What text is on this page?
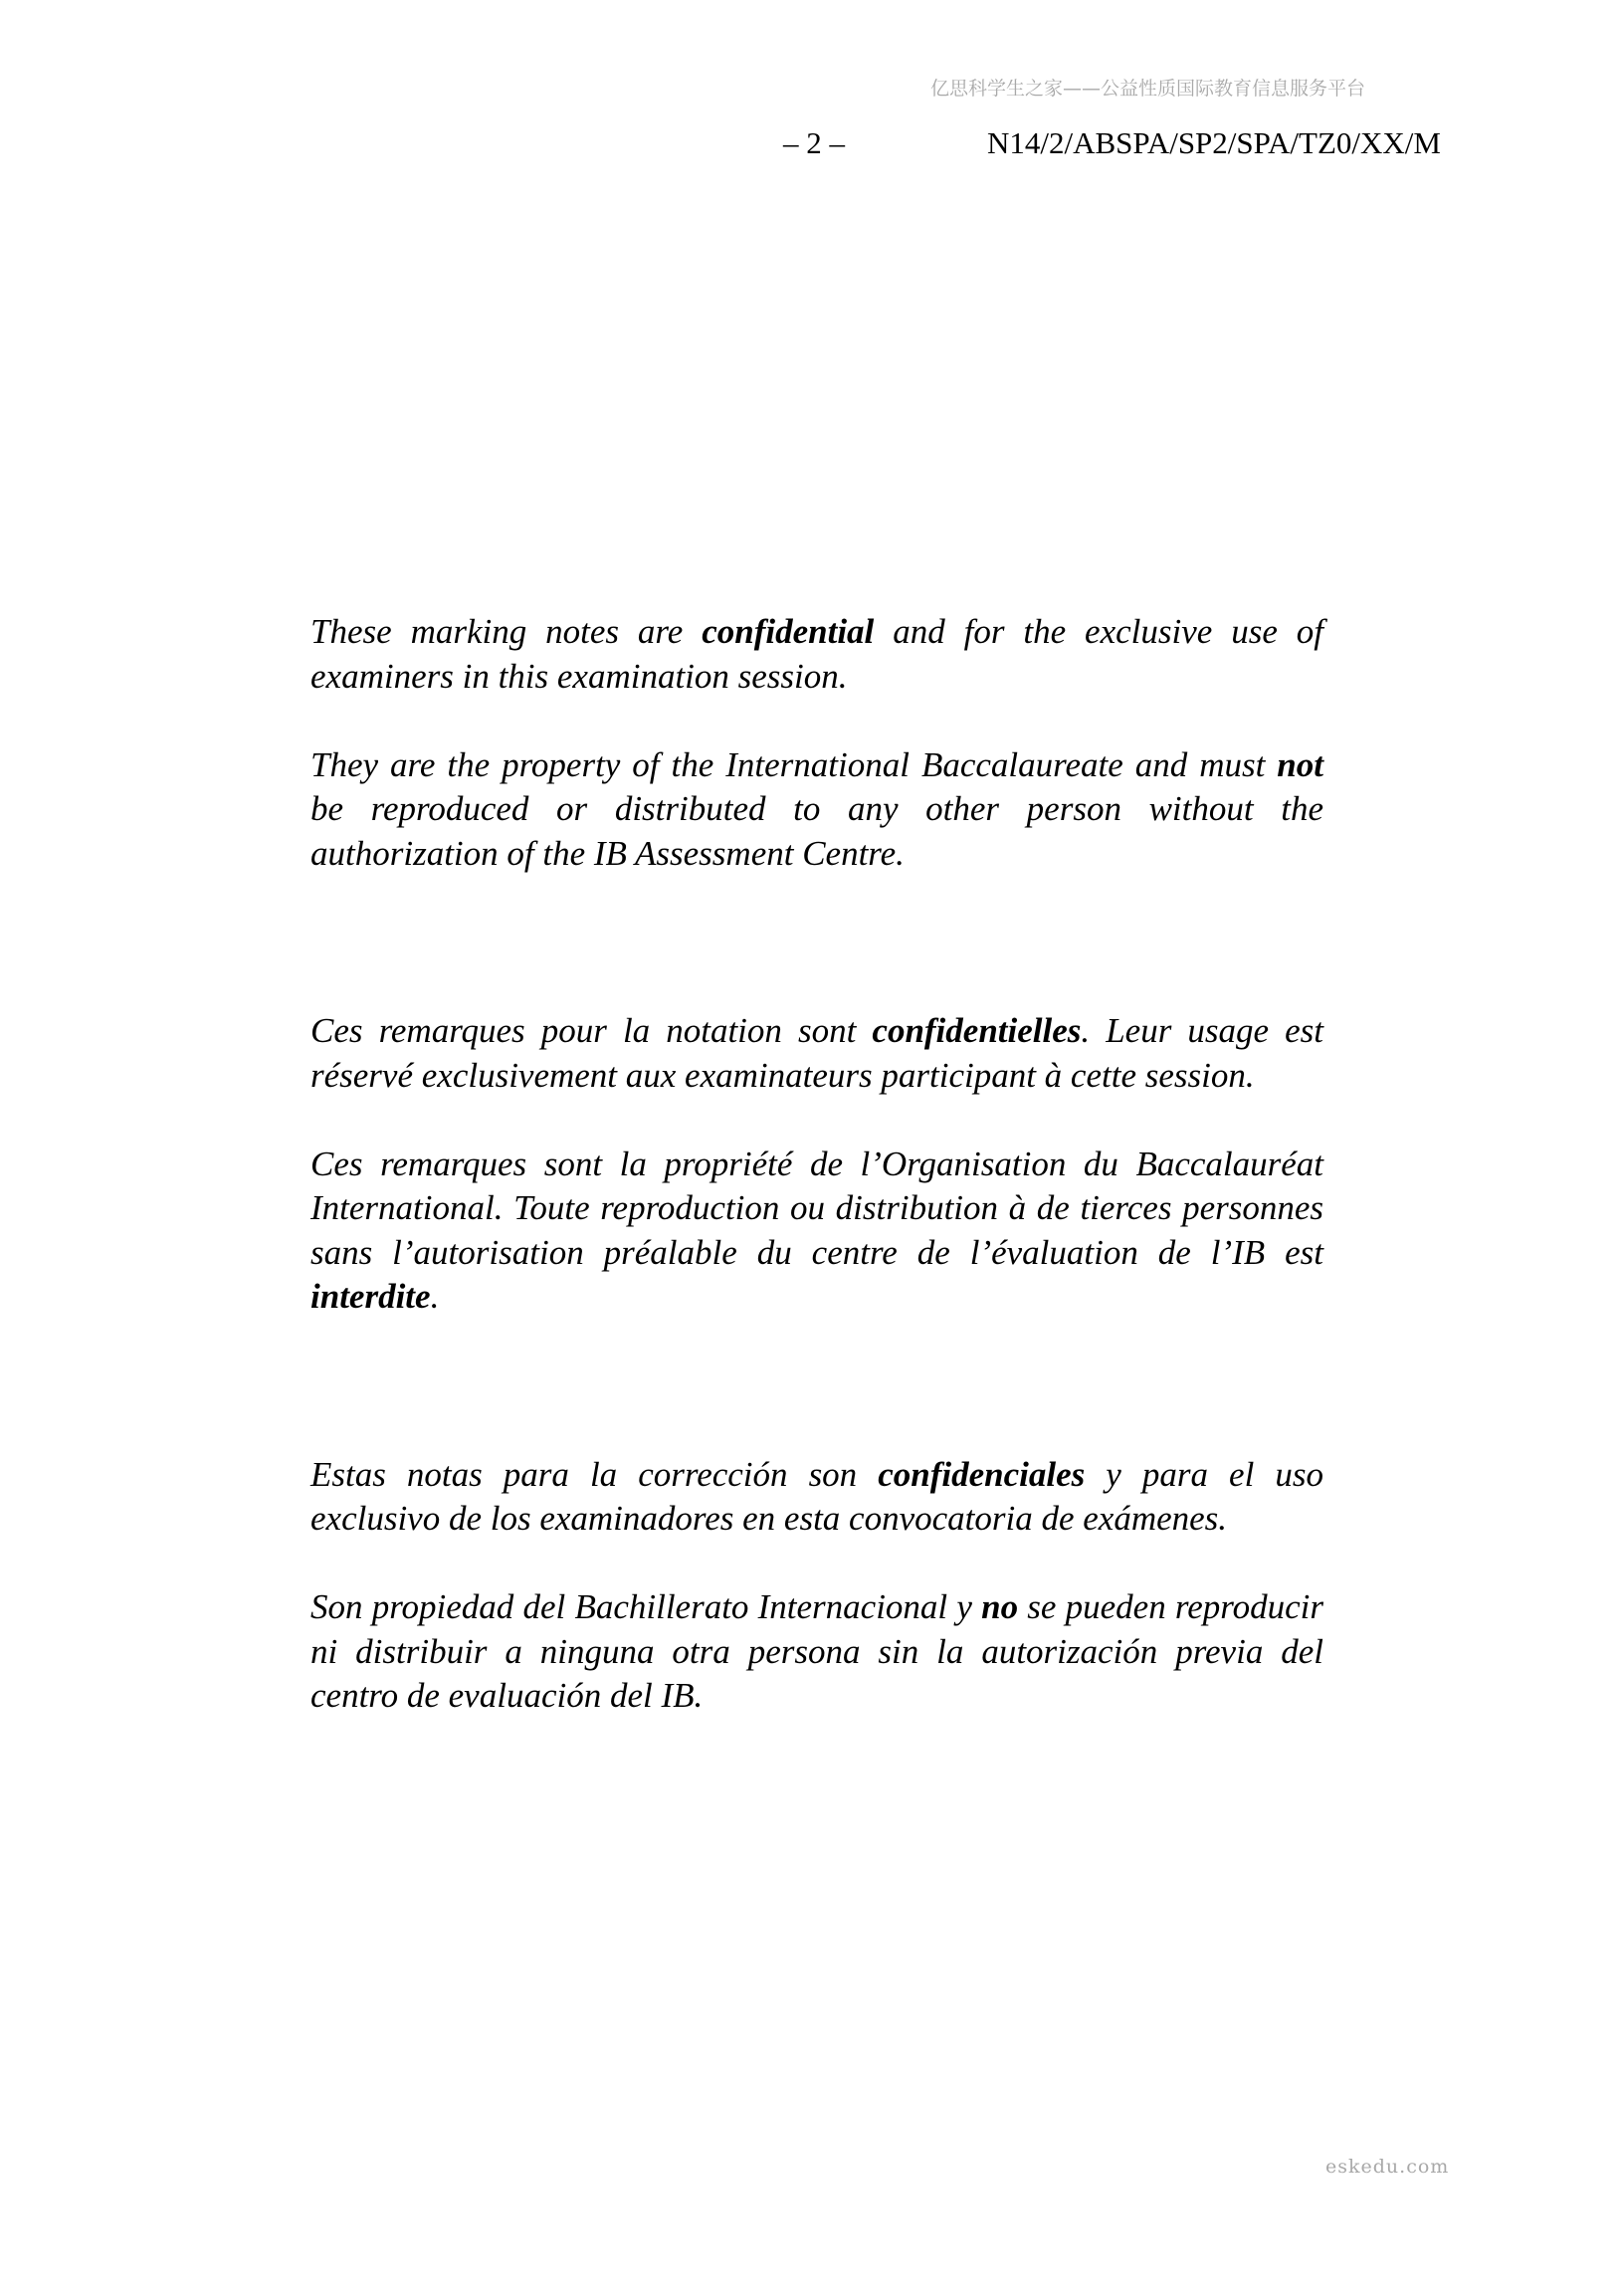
亿思科学生之家——公益性质国际教育信息服务平台
– 2 –	N14/2/ABSPA/SP2/SPA/TZ0/XX/M

These marking notes are confidential and for the exclusive use of examiners in this examination session.

They are the property of the International Baccalaureate and must not be reproduced or distributed to any other person without the authorization of the IB Assessment Centre.

Ces remarques pour la notation sont confidentielles. Leur usage est réservé exclusivement aux examinateurs participant à cette session.

Ces remarques sont la propriété de l’Organisation du Baccalauréat International. Toute reproduction ou distribution à de tierces personnes sans l’autorisation préalable du centre de l’évaluation de l’IB est interdite.

Estas notas para la corrección son confidenciales y para el uso exclusivo de los examinadores en esta convocatoria de exámenes.

Son propiedad del Bachillerato Internacional y no se pueden reproducir ni distribuir a ninguna otra persona sin la autorización previa del centro de evaluación del IB.

eskedu.com
